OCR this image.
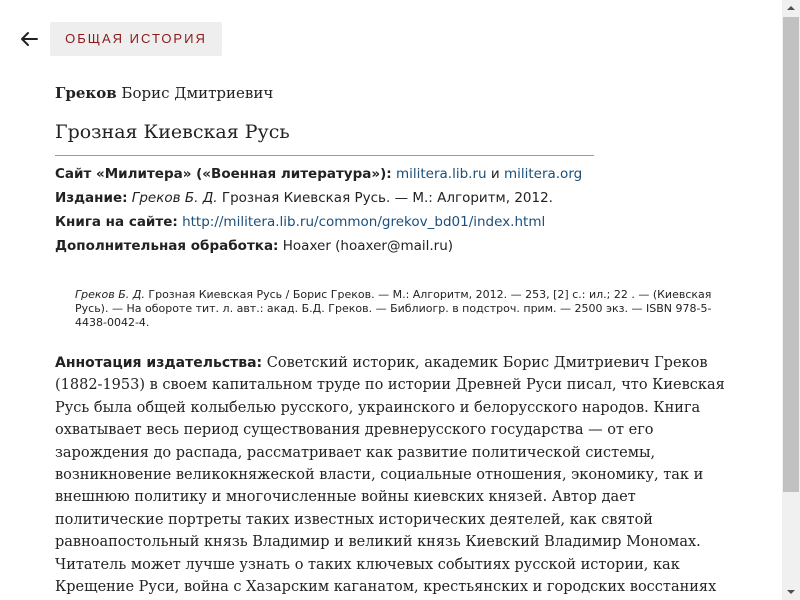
ОБЩАЯ ИСТОРИЯ
Греков Борис Дмитриевич
Грозная Киевская Русь
Сайт «Милитера» («Военная литература»): militera.lib.ru и militera.org
Издание: Греков Б. Д. Грозная Киевская Русь. — М.: Алгоритм, 2012.
Книга на сайте: http://militera.lib.ru/common/grekov_bd01/index.html
Дополнительная обработка: Hoaxer (hoaxer@mail.ru)
Греков Б. Д. Грозная Киевская Русь / Борис Греков. — М.: Алгоритм, 2012. — 253, [2] с.: ил.; 22 . — (Киевская Русь). — На обороте тит. л. авт.: акад. Б.Д. Греков. — Библиогр. в подстроч. прим. — 2500 экз. — ISBN 978-5-4438-0042-4.
Аннотация издательства: Советский историк, академик Борис Дмитриевич Греков (1882-1953) в своем капитальном труде по истории Древней Руси писал, что Киевская Русь была общей колыбелью русского, украинского и белорусского народов. Книга охватывает весь период существования древнерусского государства — от его зарождения до распада, рассматривает как развитие политической системы, возникновение великокняжеской власти, социальные отношения, экономику, так и внешнюю политику и многочисленные войны киевских князей. Автор дает политические портреты таких известных исторических деятелей, как святой равноапостольный князь Владимир и великий князь Киевский Владимир Мономах. Читатель может лучше узнать о таких ключевых событиях русской истории, как Крещение Руси, война с Хазарским каганатом, крестьянских и городских восстаниях
